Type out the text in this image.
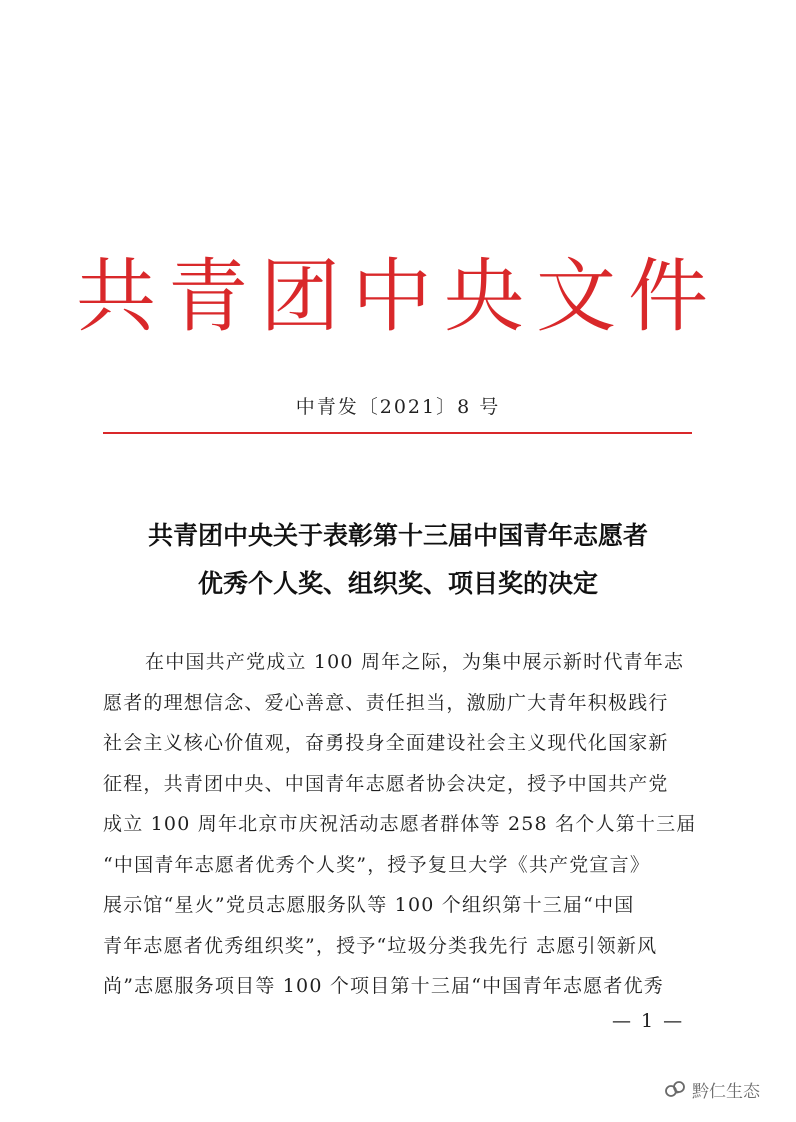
共青团中央文件
中青发〔2021〕8 号
共青团中央关于表彰第十三届中国青年志愿者
优秀个人奖、组织奖、项目奖的决定
在中国共产党成立 100 周年之际，为集中展示新时代青年志
愿者的理想信念、爱心善意、责任担当，激励广大青年积极践行
社会主义核心价值观，奋勇投身全面建设社会主义现代化国家新
征程，共青团中央、中国青年志愿者协会决定，授予中国共产党
成立 100 周年北京市庆祝活动志愿者群体等 258 名个人第十三届
“中国青年志愿者优秀个人奖”，授予复旦大学《共产党宣言》
展示馆“星火”党员志愿服务队等 100 个组织第十三届“中国
青年志愿者优秀组织奖”，授予“垃圾分类我先行 志愿引领新风
尚”志愿服务项目等 100 个项目第十三届“中国青年志愿者优秀
— 1 —
黔仁生态
